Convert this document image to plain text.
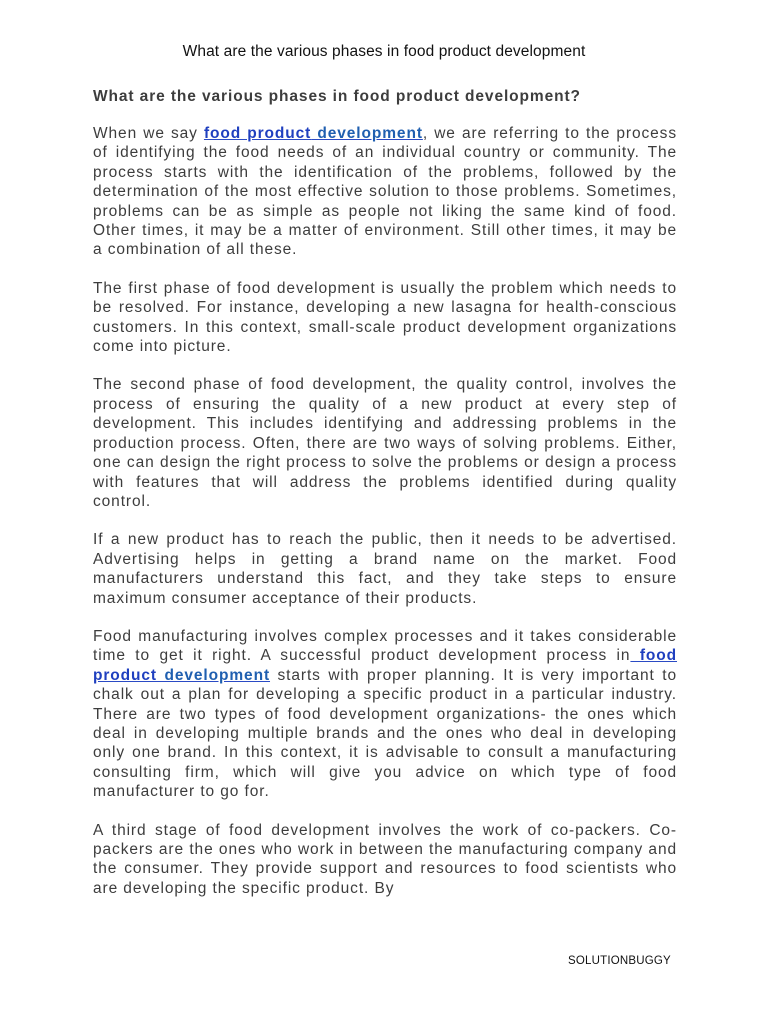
What are the various phases in food product development
What are the various phases in food product development?

When we say food product development, we are referring to the process of identifying the food needs of an individual country or community. The process starts with the identification of the problems, followed by the determination of the most effective solution to those problems. Sometimes, problems can be as simple as people not liking the same kind of food. Other times, it may be a matter of environment. Still other times, it may be a combination of all these.

The first phase of food development is usually the problem which needs to be resolved. For instance, developing a new lasagna for health-conscious customers. In this context, small-scale product development organizations come into picture.

The second phase of food development, the quality control, involves the process of ensuring the quality of a new product at every step of development. This includes identifying and addressing problems in the production process. Often, there are two ways of solving problems. Either, one can design the right process to solve the problems or design a process with features that will address the problems identified during quality control.

If a new product has to reach the public, then it needs to be advertised. Advertising helps in getting a brand name on the market. Food manufacturers understand this fact, and they take steps to ensure maximum consumer acceptance of their products.

Food manufacturing involves complex processes and it takes considerable time to get it right. A successful product development process in food product development starts with proper planning. It is very important to chalk out a plan for developing a specific product in a particular industry. There are two types of food development organizations- the ones which deal in developing multiple brands and the ones who deal in developing only one brand. In this context, it is advisable to consult a manufacturing consulting firm, which will give you advice on which type of food manufacturer to go for.

A third stage of food development involves the work of co-packers. Co-packers are the ones who work in between the manufacturing company and the consumer. They provide support and resources to food scientists who are developing the specific product. By

SOLUTIONBUGGY
